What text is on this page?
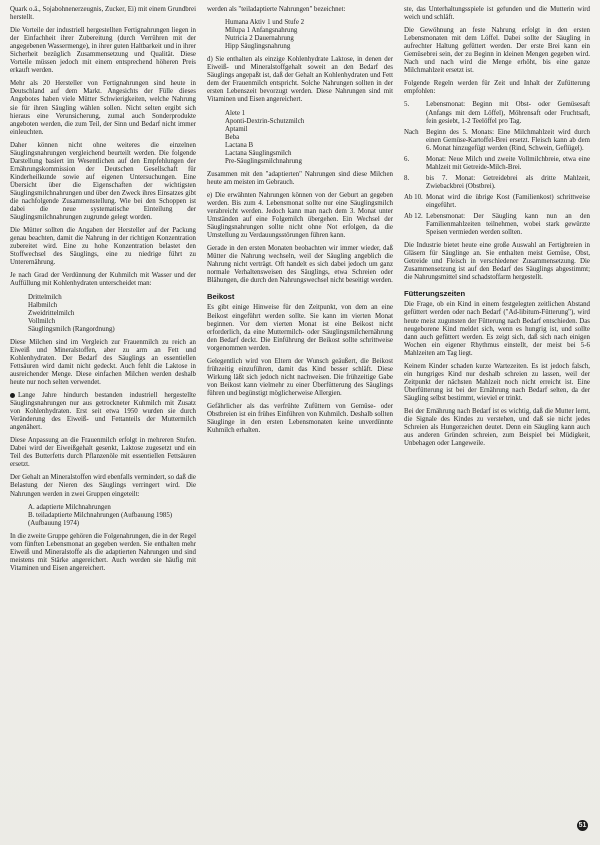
Quark o.ä., Sojabohnenerzeugnis, Zucker, Ei) mit einem Grundbrei herstellt.

Die Vorteile der industriell hergestellten Fertignahrungen liegen in der Einfachheit ihrer Zubereitung (durch Verrühren mit der angegebenen Wassermenge), in ihrer guten Haltbarkeit und in ihrer Sicherheit bezüglich Zusammensetzung und Qualität. Diese Vorteile müssen jedoch mit einem entsprechend höheren Preis erkauft werden.

Mehr als 20 Hersteller von Fertignahrungen sind heute in Deutschland auf dem Markt. Angesichts der Fülle dieses Angebotes haben viele Mütter Schwierigkeiten, welche Nahrung sie für ihren Säugling wählen sollen. Nicht selten ergibt sich hieraus eine Verunsicherung, zumal auch Sonderprodukte angeboten werden, die zum Teil, der Sinn und Bedarf nicht immer einleuchten.

Daher können nicht ohne weiteres die einzelnen Säuglingsnahrungen vergleichend beurteilt werden. Die folgende Darstellung basiert im Wesentlichen auf den Empfehlungen der Ernährungskommission der Deutschen Gesellschaft für Kinderheilkunde sowie auf eigenen Untersuchungen. Eine Übersicht über die Eigenschaften der wichtigsten Säuglingsmilchnahrungen und über den Zweck ihres Einsatzes gibt die nachfolgende Zusammenstellung. Wie bei den Schoppen ist dabei die neue systematische Einteilung der Säuglingsmilchnahrungen zugrunde gelegt worden.

Die Mütter sollten die Angaben der Hersteller auf der Packung genau beachten, damit die Nahrung in der richtigen Konzentration zubereitet wird. Eine zu hohe Konzentration belastet den Stoffwechsel des Säuglings, eine zu niedrige führt zu Unterernährung.

Je nach Grad der Verdünnung der Kuhmilch mit Wasser und der Auffüllung mit Kohlenhydraten unterscheidet man:

Drittelmilch
Halbmilch
Zweidrittelmilch
Vollmilch
Säuglingsmilch (Rangordnung)

Diese Milchen sind im Vergleich zur Frauenmilch zu reich an Eiweiß und Mineralstoffen, aber zu arm an Fett und Kohlenhydraten. Der Bedarf des Säuglings an essentiellen Fettsäuren wird damit nicht gedeckt. Auch fehlt die Laktose in ausreichender Menge. Diese einfachen Milchen werden deshalb heute nur noch selten verwendet.

Lange Jahre hindurch bestanden industriell hergestellte Säuglingsnahrungen nur aus getrockneter Kuhmilch mit Zusatz von Kohlenhydraten. Erst seit etwa 1950 wurden sie durch Veränderung des Eiweiß- und Fettanteils der Muttermilch angenähert.

Diese Anpassung an die Frauenmilch erfolgt in mehreren Stufen. Dabei wird der Eiweißgehalt gesenkt, Laktose zugesetzt und ein Teil des Butterfetts durch Pflanzenöle mit essentiellen Fettsäuren ersetzt.

Der Gehalt an Mineralstoffen wird ebenfalls vermindert, so daß die Belastung der Nieren des Säuglings verringert wird. Die Nahrungen werden in zwei Gruppen eingeteilt:

A. adaptierte Milchnahrungen
B. teiladaptierte Milchnahrungen (Aufbauung 1985)
(Aufbauung 1974)

In die zweite Gruppe gehören die Folgenahrungen, die in der Regel vom fünften Lebensmonat an gegeben werden. Sie enthalten mehr Eiweiß und Mineralstoffe als die adaptierten Nahrungen und sind meistens mit Stärke angereichert. Auch werden sie häufig mit Vitaminen und Eisen angereichert.

werden als "teiladaptierte Nahrungen" bezeichnet:

Humana Aktiv 1 und Stufe 2
Milupa 1 Anfangsnahrung
Nutricia 2 Dauernahrung
Hipp Säuglingsnahrung

d) Sie enthalten als einzige Kohlenhydrate Laktose, in denen der Eiweiß- und Mineralstoffgehalt soweit an den Bedarf des Säuglings angepaßt ist, daß der Gehalt an Kohlenhydraten und Fett dem der Frauenmilch entspricht. Solche Nahrungen sollten in der ersten Lebenszeit bevorzugt werden. Diese Nahrungen sind mit Vitaminen und Eisen angereichert.

Alete 1
Aponti-Dextrin-Schutzmilch
Aptamil
Beba
Lactana B
Lactana Säuglingsmilch
Pre-Säuglingsmilchnahrung

Zusammen mit den "adaptierten" Nahrungen sind diese Milchen heute am meisten im Gebrauch.

e) Die erwähnten Nahrungen können von der Geburt an gegeben werden. Bis zum 4. Lebensmonat sollte nur eine Säuglingsmilch verabreicht werden. Jedoch kann man nach dem 3. Monat unter Umständen auf eine Folgemilch übergehen. Ein Wechsel der Säuglingsnahrungen sollte nicht ohne Not erfolgen, da die Umstellung zu Verdauungsstörungen führen kann.

Gerade in den ersten Monaten beobachten wir immer wieder, daß Mütter die Nahrung wechseln, weil der Säugling angeblich die Nahrung nicht verträgt. Oft handelt es sich dabei jedoch um ganz normale Verhaltensweisen des Säuglings, etwa Schreien oder Blähungen, die durch den Nahrungswechsel nicht beseitigt werden.

Beikost

Es gibt einige Hinweise für den Zeitpunkt, von dem an eine Beikost eingeführt werden sollte. Sie kann im vierten Monat beginnen. Vor dem vierten Monat ist eine Beikost nicht erforderlich, da eine Muttermilch- oder Säuglingsmilchernährung den Bedarf deckt. Die Einführung der Beikost sollte schrittweise vorgenommen werden.

Gelegentlich wird von Eltern der Wunsch geäußert, die Beikost frühzeitig einzuführen, damit das Kind besser schläft. Diese Wirkung läßt sich jedoch nicht nachweisen. Die frühzeitige Gabe von Beikost kann vielmehr zu einer Überfütterung des Säuglings führen und begünstigt möglicherweise Allergien.

Gefährlicher als das verfrühte Zufüttern von Gemüse- oder Obstbreien ist ein frühes Einführen von Kuhmilch. Deshalb sollten Säuglinge in den ersten Lebensmonaten keine unverdünnte Kuhmilch erhalten.

ste, das Unterhaltungsspiele ist gefunden und die Mutterin wird weich und schläft.

Die Gewöhnung an feste Nahrung erfolgt in den ersten Lebensmonaten mit dem Löffel. Dabei sollte der Säugling in aufrechter Haltung gefüttert werden. Der erste Brei kann ein Gemüsebrei sein, der zu Beginn in kleinen Mengen gegeben wird. Nach und nach wird die Menge erhöht, bis eine ganze Milchmahlzeit ersetzt ist.

Folgende Regeln werden für Zeit und Inhalt der Zufütterung empfohlen:

5.	Lebensmonat: Beginn mit Obst- oder Gemüsesaft (Anfangs mit dem Löffel), Möhrensaft oder Fruchtsaft, fein gesiebt, 1-2 Teelöffel pro Tag.
Nach	Beginn des 5. Monats: Eine Milchmahlzeit wird durch einen Gemüse-Kartoffel-Brei ersetzt. Fleisch kann ab dem 6. Monat hinzugefügt werden (Rind, Schwein, Geflügel).
6.	Monat: Neue Milch und zweite Vollmilchbreie, etwa eine Mahlzeit mit Getreide-Milch-Brei.
8.	bis 7. Monat: Getreidebrei als dritte Mahlzeit, Zwiebackbrei (Obstbrei).
Ab 10. Monat wird die übrige Kost (Familienkost) schrittweise eingeführt.
Ab 12. Lebensmonat: Der Säugling kann nun an den Familienmahlzeiten teilnehmen, wobei stark gewürzte Speisen vermieden werden sollten.

Die Industrie bietet heute eine große Auswahl an Fertigbreien in Gläsern für Säuglinge an. Sie enthalten meist Gemüse, Obst, Getreide und Fleisch in verschiedener Zusammensetzung. Die Zusammensetzung ist auf den Bedarf des Säuglings abgestimmt; die Nahrungsmittel sind schadstoffarm hergestellt.

Fütterungszeiten

Die Frage, ob ein Kind in einem festgelegten zeitlichen Abstand gefüttert werden oder nach Bedarf ("Ad-libitum-Fütterung"), wird heute meist zugunsten der Fütterung nach Bedarf entschieden. Das neugeborene Kind meldet sich, wenn es hungrig ist, und sollte dann auch gefüttert werden. Es zeigt sich, daß sich nach einigen Wochen ein eigener Rhythmus einstellt, der meist bei 5-6 Mahlzeiten am Tag liegt.

Keinem Kinder schaden kurze Wartezeiten. Es ist jedoch falsch, ein hungriges Kind nur deshalb schreien zu lassen, weil der Zeitpunkt der nächsten Mahlzeit noch nicht erreicht ist. Eine Überfütterung ist bei der Ernährung nach Bedarf selten, da der Säugling selbst bestimmt, wieviel er trinkt.

Bei der Ernährung nach Bedarf ist es wichtig, daß die Mutter lernt, die Signale des Kindes zu verstehen, und daß sie nicht jedes Schreien als Hungerzeichen deutet. Denn ein Säugling kann auch aus anderen Gründen schreien, zum Beispiel bei Müdigkeit, Unbehagen oder Langeweile.

51
